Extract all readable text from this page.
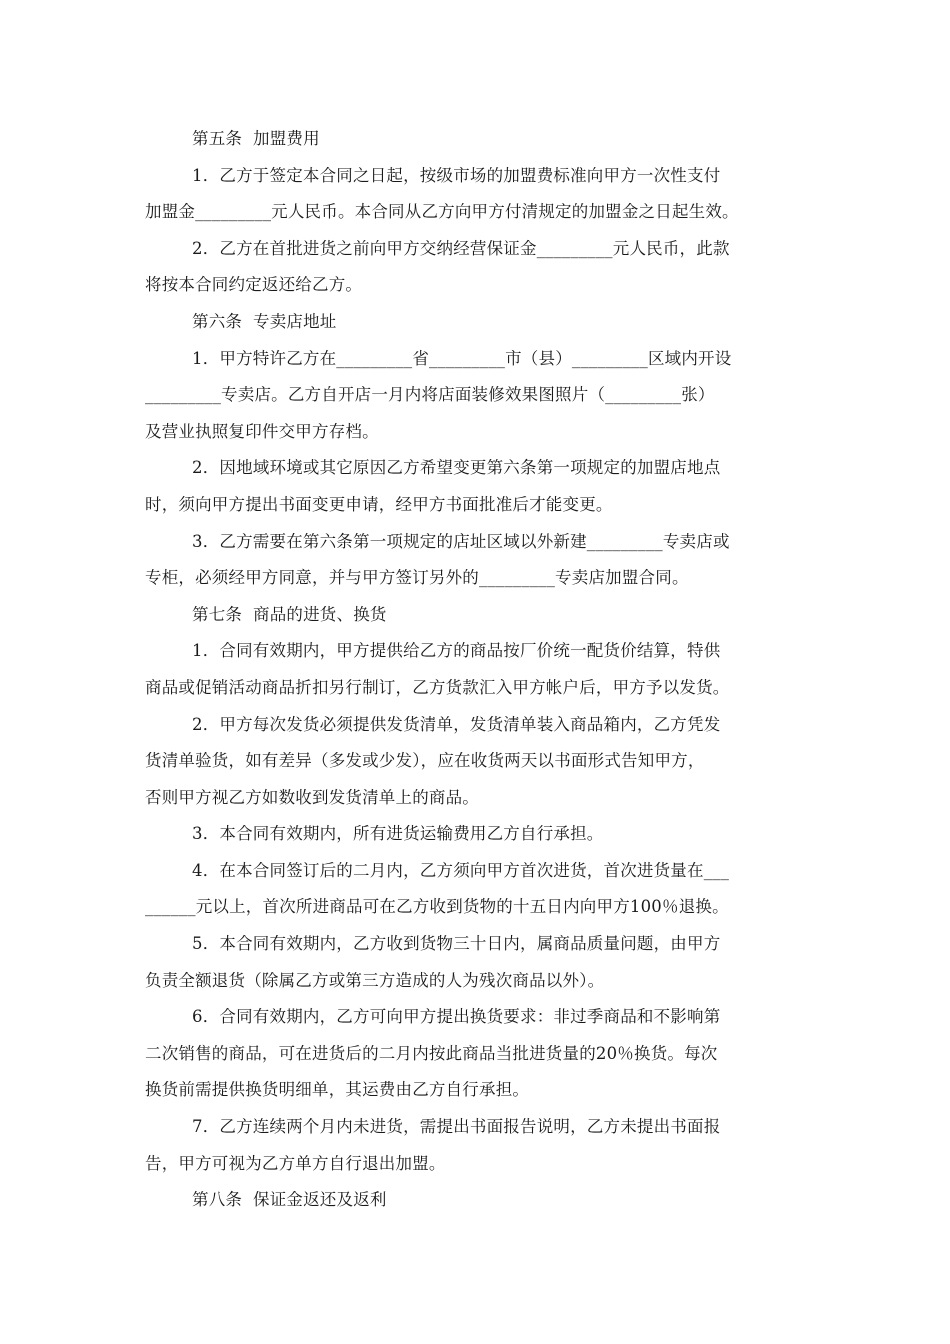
第五条  加盟费用
1．乙方于签定本合同之日起，按级市场的加盟费标准向甲方一次性支付
加盟金_________元人民币。本合同从乙方向甲方付清规定的加盟金之日起生效。
2．乙方在首批进货之前向甲方交纳经营保证金_________元人民币，此款
将按本合同约定返还给乙方。
第六条  专卖店地址
1．甲方特许乙方在_________省_________市（县）_________区域内开设
_________专卖店。乙方自开店一月内将店面装修效果图照片（_________张）
及营业执照复印件交甲方存档。
2．因地域环境或其它原因乙方希望变更第六条第一项规定的加盟店地点
时，须向甲方提出书面变更申请，经甲方书面批准后才能变更。
3．乙方需要在第六条第一项规定的店址区域以外新建_________专卖店或
专柜，必须经甲方同意，并与甲方签订另外的_________专卖店加盟合同。
第七条  商品的进货、换货
1．合同有效期内，甲方提供给乙方的商品按厂价统一配货价结算，特供
商品或促销活动商品折扣另行制订，乙方货款汇入甲方帐户后，甲方予以发货。
2．甲方每次发货必须提供发货清单，发货清单装入商品箱内，乙方凭发
货清单验货，如有差异（多发或少发），应在收货两天以书面形式告知甲方，
否则甲方视乙方如数收到发货清单上的商品。
3．本合同有效期内，所有进货运输费用乙方自行承担。
4．在本合同签订后的二月内，乙方须向甲方首次进货，首次进货量在___
______元以上，首次所进商品可在乙方收到货物的十五日内向甲方100％退换。
5．本合同有效期内，乙方收到货物三十日内，属商品质量问题，由甲方
负责全额退货（除属乙方或第三方造成的人为残次商品以外）。
6．合同有效期内，乙方可向甲方提出换货要求：非过季商品和不影响第
二次销售的商品，可在进货后的二月内按此商品当批进货量的20％换货。每次
换货前需提供换货明细单，其运费由乙方自行承担。
7．乙方连续两个月内未进货，需提出书面报告说明，乙方未提出书面报
告，甲方可视为乙方单方自行退出加盟。
第八条  保证金返还及返利
